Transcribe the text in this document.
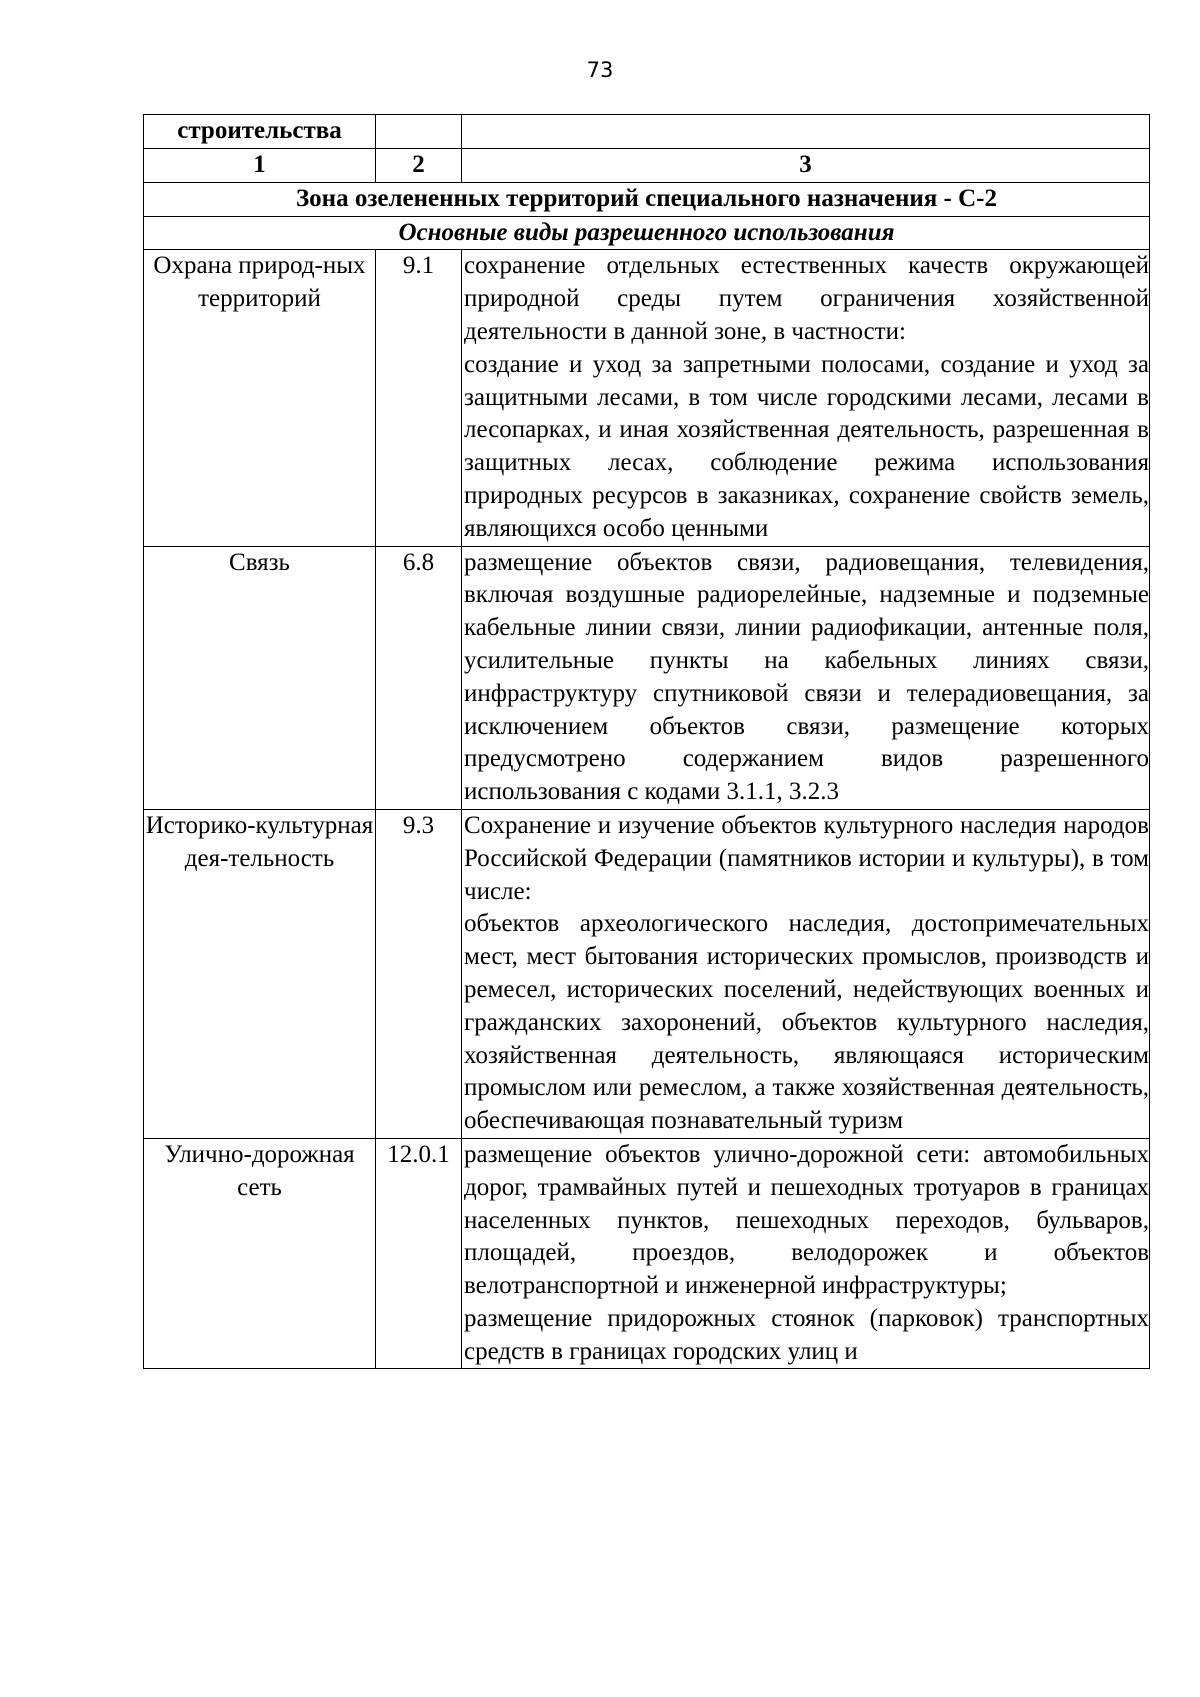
73
строительства		
1	2	3
Зона озелененных территорий специального назначения - С-2		
Основные виды разрешенного использования		
Охрана природ-ных территорий	9.1	сохранение отдельных естественных качеств окружающей природной среды путем ограничения хозяйственной деятельности в данной зоне, в частности:

создание и уход за запретными полосами, создание и уход за защитными лесами, в том числе городскими лесами, лесами в лесопарках, и иная хозяйственная деятельность, разрешенная в защитных лесах, соблюдение режима использования природных ресурсов в заказниках, сохранение свойств земель, являющихся особо ценными

Связь	6.8	размещение объектов связи, радиовещания, телевидения, включая воздушные радиорелейные, надземные и подземные кабельные линии связи, линии радиофикации, антенные поля, усилительные пункты на кабельных линиях связи, инфраструктуру спутниковой связи и телерадиовещания, за исключением объектов связи, размещение которых предусмотрено содержанием видов разрешенного использования с кодами 3.1.1, 3.2.3

Историко-культурная дея-тельность	9.3	Сохранение и изучение объектов культурного наследия народов Российской Федерации (памятников истории и культуры), в том числе:

объектов археологического наследия, достопримечательных мест, мест бытования исторических промыслов, производств и ремесел, исторических поселений, недействующих военных и гражданских захоронений, объектов культурного наследия, хозяйственная деятельность, являющаяся историческим промыслом или ремеслом, а также хозяйственная деятельность, обеспечивающая познавательный туризм

Улично-дорожная сеть	12.0.1	размещение объектов улично-дорожной сети: автомобильных дорог, трамвайных путей и пешеходных тротуаров в границах населенных пунктов, пешеходных переходов, бульваров, площадей, проездов, велодорожек и объектов велотранспортной и инженерной инфраструктуры;

размещение придорожных стоянок (парковок) транспортных средств в границах городских улиц и
